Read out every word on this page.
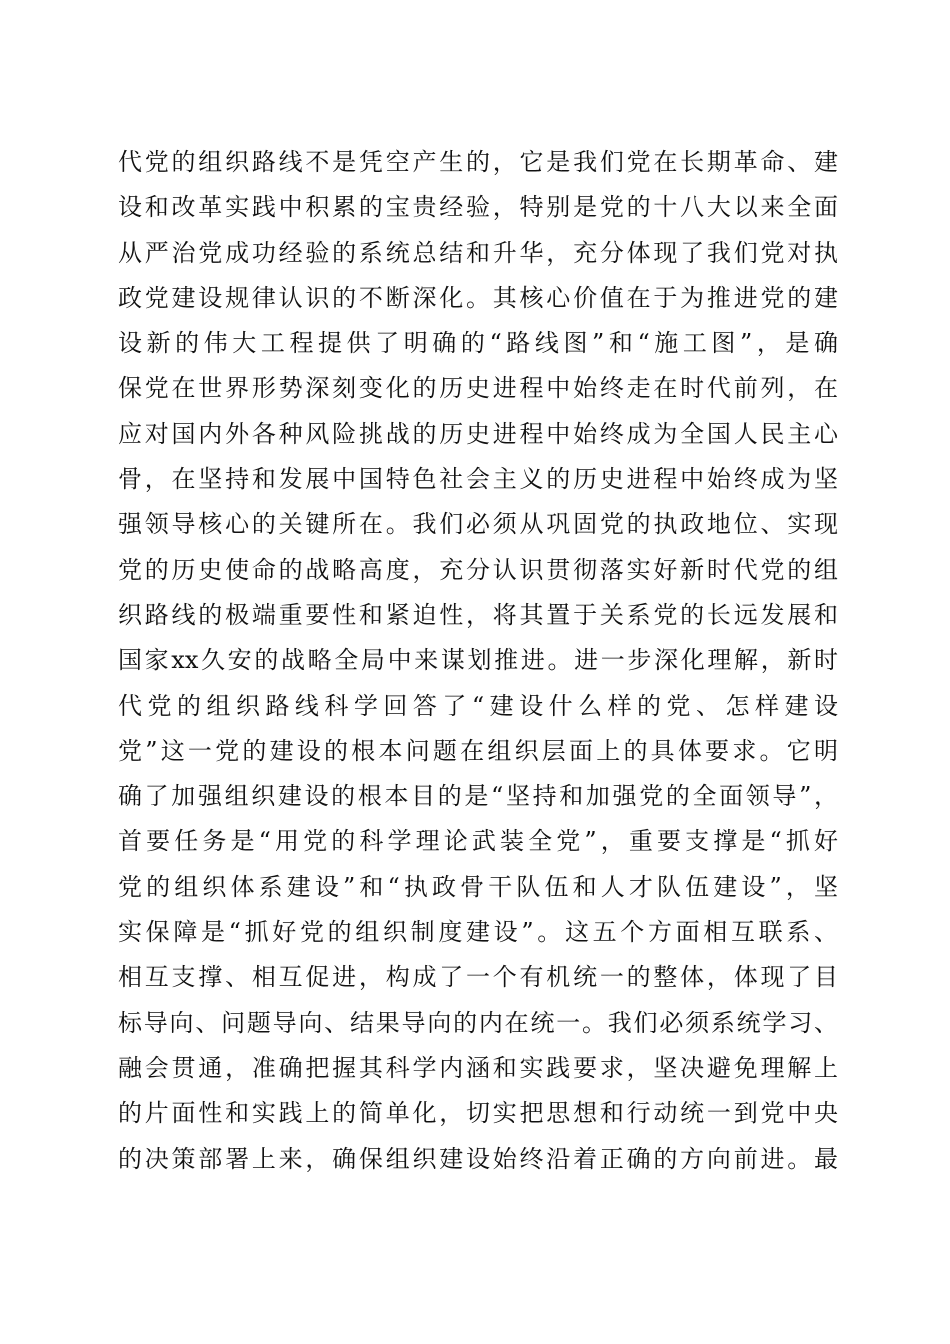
代党的组织路线不是凭空产生的，它是我们党在长期革命、建
设和改革实践中积累的宝贵经验，特别是党的十八大以来全面
从严治党成功经验的系统总结和升华，充分体现了我们党对执
政党建设规律认识的不断深化。其核心价值在于为推进党的建
设新的伟大工程提供了明确的“路线图”和“施工图”，是确
保党在世界形势深刻变化的历史进程中始终走在时代前列，在
应对国内外各种风险挑战的历史进程中始终成为全国人民主心
骨，在坚持和发展中国特色社会主义的历史进程中始终成为坚
强领导核心的关键所在。我们必须从巩固党的执政地位、实现
党的历史使命的战略高度，充分认识贯彻落实好新时代党的组
织路线的极端重要性和紧迫性，将其置于关系党的长远发展和
国家xx久安的战略全局中来谋划推进。进一步深化理解，新时
代党的组织路线科学回答了“建设什么样的党、怎样建设
党”这一党的建设的根本问题在组织层面上的具体要求。它明
确了加强组织建设的根本目的是“坚持和加强党的全面领导”，
首要任务是“用党的科学理论武装全党”，重要支撑是“抓好
党的组织体系建设”和“执政骨干队伍和人才队伍建设”，坚
实保障是“抓好党的组织制度建设”。这五个方面相互联系、
相互支撑、相互促进，构成了一个有机统一的整体，体现了目
标导向、问题导向、结果导向的内在统一。我们必须系统学习、
融会贯通，准确把握其科学内涵和实践要求，坚决避免理解上
的片面性和实践上的简单化，切实把思想和行动统一到党中央
的决策部署上来，确保组织建设始终沿着正确的方向前进。最
